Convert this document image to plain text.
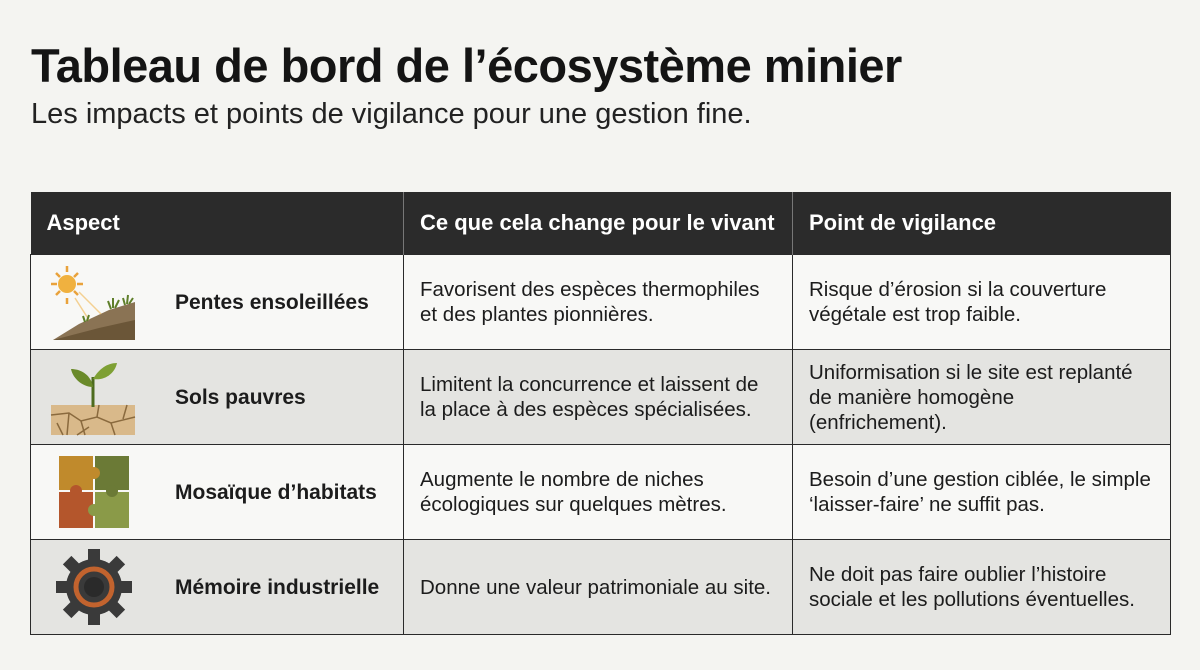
Tableau de bord de l’écosystème minier

Les impacts et points de vigilance pour une gestion fine.

Aspect	Ce que cela change pour le vivant	Point de vigilance

Pentes ensoleillées	Favorisent des espèces thermophiles et des plantes pionnières.	Risque d’érosion si la couverture végétale est trop faible.

Sols pauvres	Limitent la concurrence et laissent de la place à des espèces spécialisées.	Uniformisation si le site est replanté de manière homogène (enfrichement).

Mosaïque d’habitats	Augmente le nombre de niches écologiques sur quelques mètres.	Besoin d’une gestion ciblée, le simple ‘laisser-faire’ ne suffit pas.

Mémoire industrielle	Donne une valeur patrimoniale au site.	Ne doit pas faire oublier l’histoire sociale et les pollutions éventuelles.
